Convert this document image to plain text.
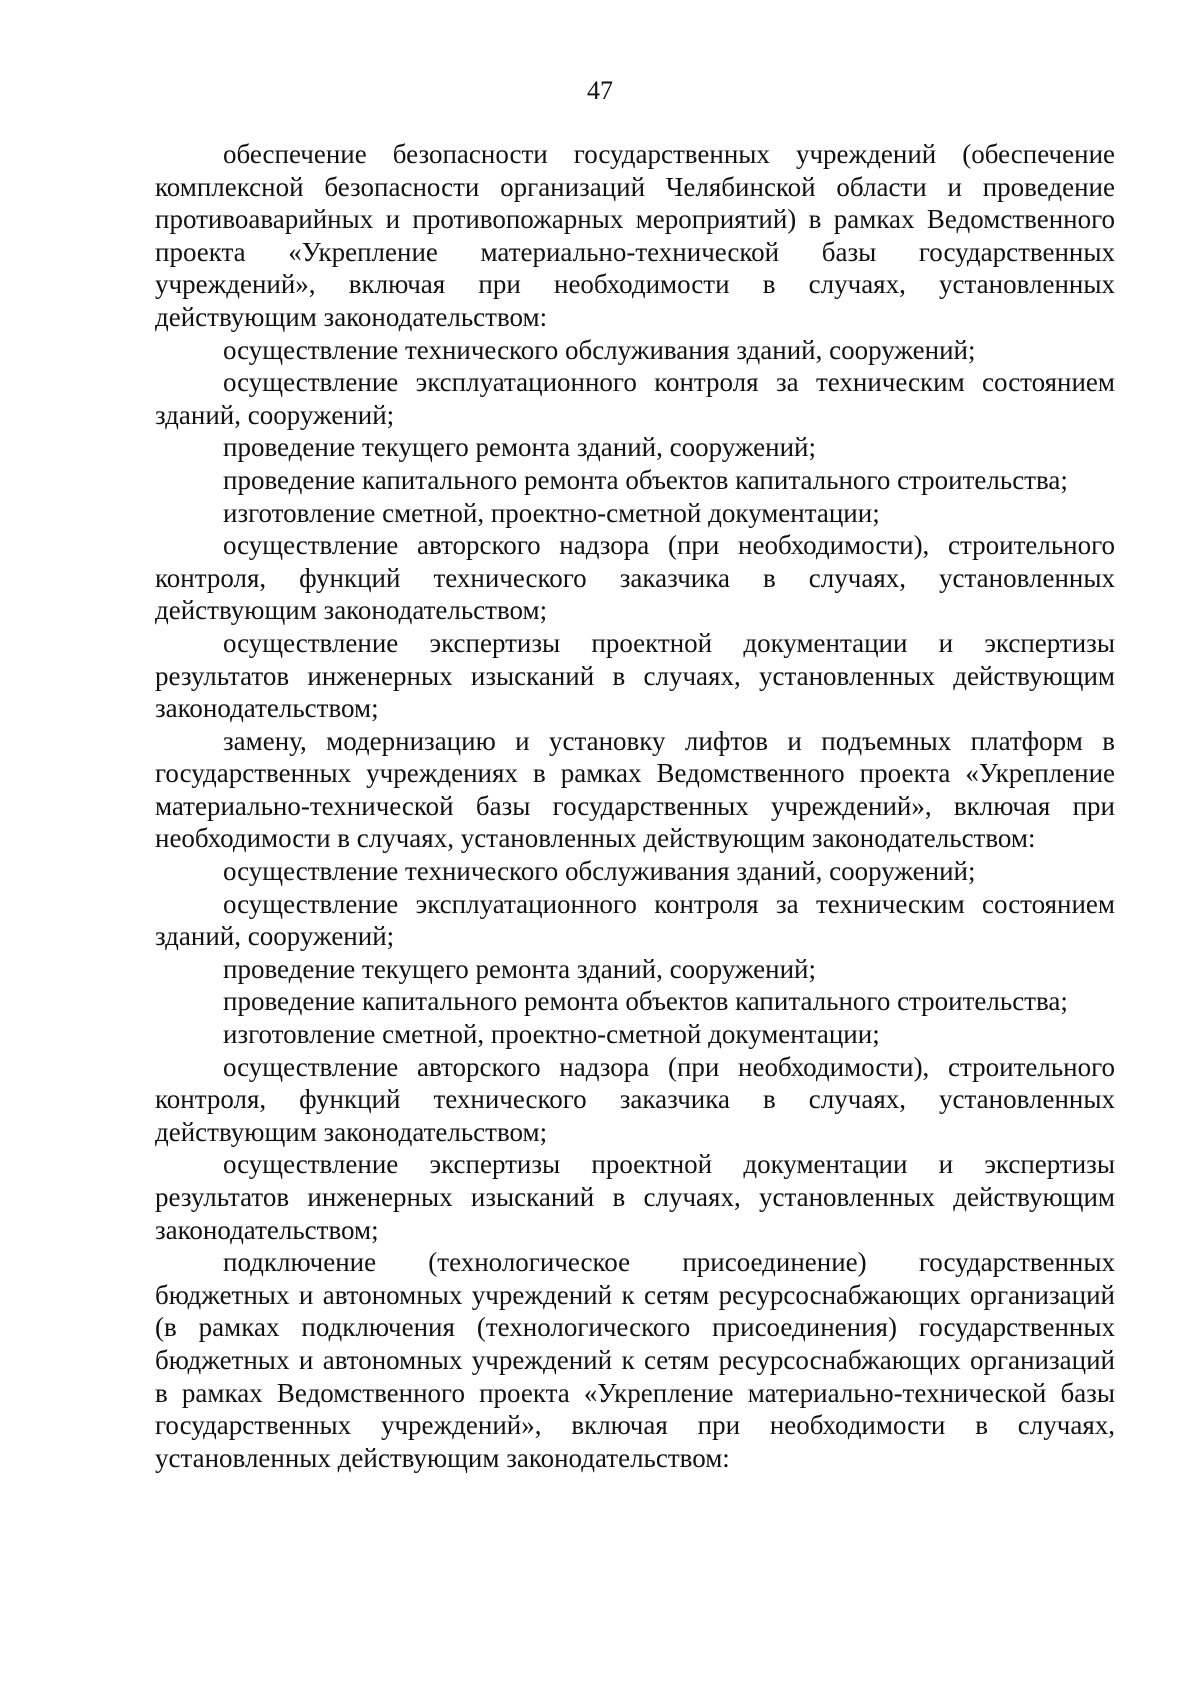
47

обеспечение безопасности государственных учреждений (обеспечение комплексной безопасности организаций Челябинской области и проведение противоаварийных и противопожарных мероприятий) в рамках Ведомственного проекта «Укрепление материально-технической базы государственных учреждений», включая при необходимости в случаях, установленных действующим законодательством:

осуществление технического обслуживания зданий, сооружений;

осуществление эксплуатационного контроля за техническим состоянием зданий, сооружений;

проведение текущего ремонта зданий, сооружений;

проведение капитального ремонта объектов капитального строительства;

изготовление сметной, проектно-сметной документации;

осуществление авторского надзора (при необходимости), строительного контроля, функций технического заказчика в случаях, установленных действующим законодательством;

осуществление экспертизы проектной документации и экспертизы результатов инженерных изысканий в случаях, установленных действующим законодательством;

замену, модернизацию и установку лифтов и подъемных платформ в государственных учреждениях в рамках Ведомственного проекта «Укрепление материально-технической базы государственных учреждений», включая при необходимости в случаях, установленных действующим законодательством:

осуществление технического обслуживания зданий, сооружений;

осуществление эксплуатационного контроля за техническим состоянием зданий, сооружений;

проведение текущего ремонта зданий, сооружений;

проведение капитального ремонта объектов капитального строительства;

изготовление сметной, проектно-сметной документации;

осуществление авторского надзора (при необходимости), строительного контроля, функций технического заказчика в случаях, установленных действующим законодательством;

осуществление экспертизы проектной документации и экспертизы результатов инженерных изысканий в случаях, установленных действующим законодательством;

подключение (технологическое присоединение) государственных бюджетных и автономных учреждений к сетям ресурсоснабжающих организаций (в рамках подключения (технологического присоединения) государственных бюджетных и автономных учреждений к сетям ресурсоснабжающих организаций в рамках Ведомственного проекта «Укрепление материально-технической базы государственных учреждений», включая при необходимости в случаях, установленных действующим законодательством:
